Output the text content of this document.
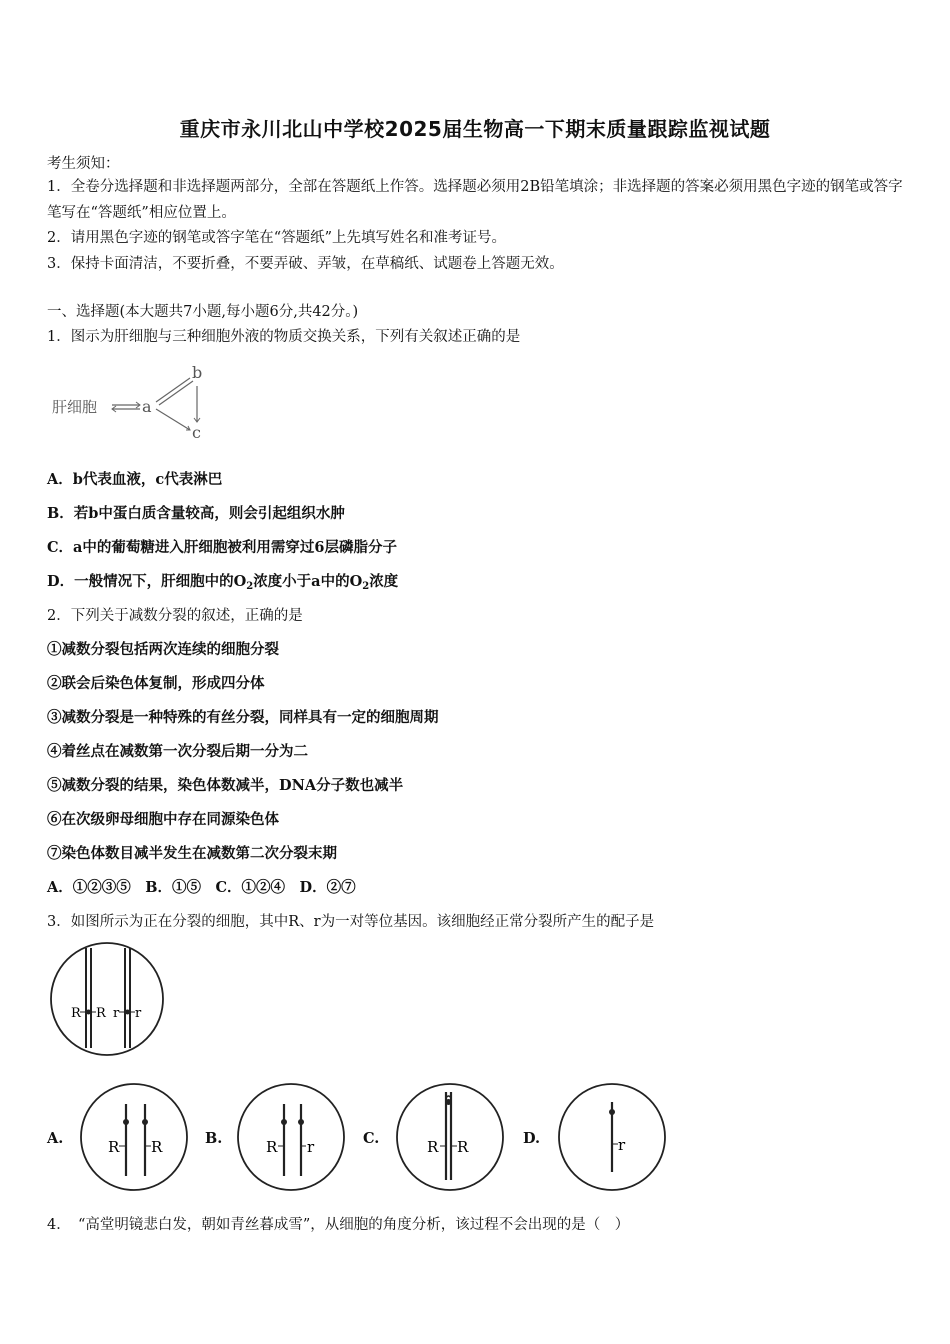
重庆市永川北山中学校2025届生物高一下期末质量跟踪监视试题
考生须知：
1．全卷分选择题和非选择题两部分，全部在答题纸上作答。选择题必须用2B铅笔填涂；非选择题的答案必须用黑色字迹的钢笔或答字笔写在“答题纸”相应位置上。
2．请用黑色字迹的钢笔或答字笔在“答题纸”上先填写姓名和准考证号。
3．保持卡面清洁，不要折叠，不要弄破、弄皱，在草稿纸、试题卷上答题无效。
一、选择题(本大题共7小题,每小题6分,共42分。)
1．图示为肝细胞与三种细胞外液的物质交换关系，下列有关叙述正确的是
肝细胞	a
b
c
A．b代表血液，c代表淋巴
B．若b中蛋白质含量较高，则会引起组织水肿
C．a中的葡萄糖进入肝细胞被利用需穿过6层磷脂分子
D．一般情况下，肝细胞中的$O_2$浓度小于a中的$O_2$浓度
2．下列关于减数分裂的叙述，正确的是
①减数分裂包括两次连续的细胞分裂
②联会后染色体复制，形成四分体
③减数分裂是一种特殊的有丝分裂，同样具有一定的细胞周期
④着丝点在减数第一次分裂后期一分为二
⑤减数分裂的结果，染色体数减半，DNA分子数也减半
⑥在次级卵母细胞中存在同源染色体
⑦染色体数目减半发生在减数第二次分裂末期
A．①②③⑤　B．①⑤　C．①②④　D．②⑦
3．如图所示为正在分裂的细胞，其中R、r为一对等位基因。该细胞经正常分裂所产生的配子是
R R r r
A.	R R	B.	R r	C.	R R	D.	r
4．　“高堂明镜悲白发，朝如青丝暮成雪”，从细胞的角度分析，该过程不会出现的是（　）
